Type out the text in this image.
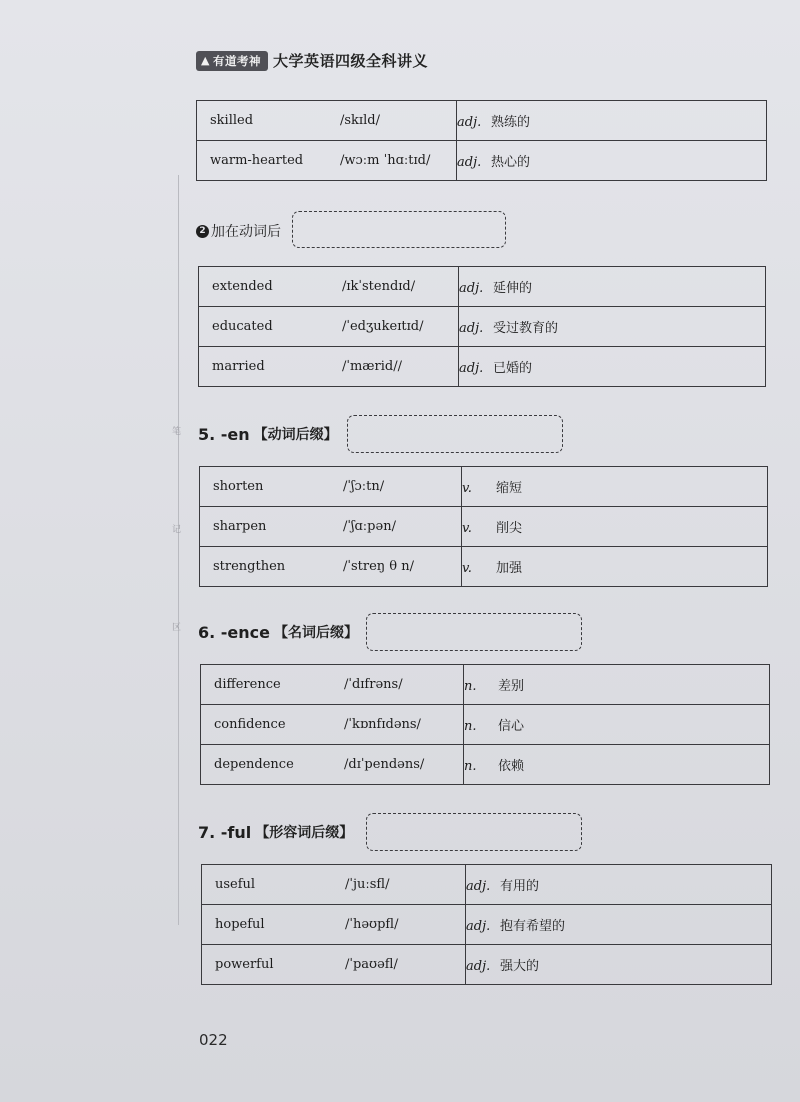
笔
记
区
▲ 有道考神 大学英语四级全科讲义
skilled /skɪld/	adj. 熟练的

warm-hearted /wɔːm ˈhɑːtɪd/	adj. 热心的
2 加在动词后
extended /ɪkˈstendɪd/	adj. 延伸的

educated /ˈedʒukeɪtɪd/	adj. 受过教育的

married /ˈmærid//	adj. 已婚的
5. -en 【动词后缀】
shorten /ˈʃɔːtn/	v. 缩短

sharpen /ˈʃɑːpən/	v. 削尖

strengthen /ˈstreŋ θ n/	v. 加强
6. -ence 【名词后缀】
difference /ˈdɪfrəns/	n. 差别

confidence /ˈkɒnfɪdəns/	n. 信心

dependence /dɪˈpendəns/	n. 依赖
7. -ful 【形容词后缀】
useful /ˈjuːsfl/	adj. 有用的

hopeful /ˈhəʊpfl/	adj. 抱有希望的

powerful /ˈpaʊəfl/	adj. 强大的
022
